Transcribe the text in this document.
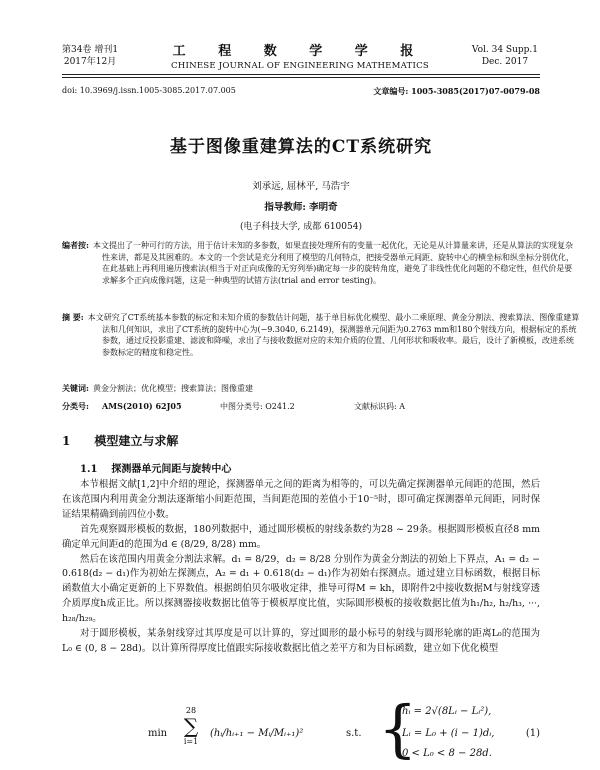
第34卷 增刊1
2017年12月
工 程 数 学 学 报
CHINESE JOURNAL OF ENGINEERING MATHEMATICS
Vol. 34 Supp.1
Dec. 2017
doi: 10.3969/j.issn.1005-3085.2017.07.005	文章编号: 1005-3085(2017)07-0079-08
基于图像重建算法的CT系统研究
刘承远, 屈林平, 马浩宇
指导教师: 李明奇
(电子科技大学, 成都 610054)
编者按: 本文提出了一种可行的方法，用于估计未知的多参数，如果直接处理所有的变量一起优化，无论是从计算量来讲，还是从算法的实现复杂性来讲，都是及其困难的。本文的一个尝试是充分利用了模型的几何特点，把接受器单元间距、旋转中心的横坐标和纵坐标分别优化，在此基础上再利用遍历搜索法(相当于对正向成像的无穷列举)确定每一步的旋转角度，避免了非线性优化问题的不稳定性，但代价是要求解多个正向成像问题，这是一种典型的试错方法(trial and error testing)。
摘 要: 本文研究了CT系统基本参数的标定和未知介质的参数估计问题，基于单目标优化模型、最小二乘原理、黄金分割法、搜索算法、图像重建算法和几何知识，求出了CT系统的旋转中心为(−9.3040, 6.2149)，探测器单元间距为0.2763 mm和180个射线方向，根据标定的系统参数，通过反投影重建、滤波和降噪，求出了与接收数据对应的未知介质的位置、几何形状和吸收率。最后，设计了新模板，改进系统参数标定的精度和稳定性。
关键词: 黄金分割法；优化模型；搜索算法；图像重建
分类号:	AMS(2010) 62J05	中图分类号: O241.2	文献标识码: A
1 模型建立与求解
1.1 探测器单元间距与旋转中心

本节根据文献[1,2]中介绍的理论，探测器单元之间的距离为相等的，可以先确定探测器单元间距的范围，然后在该范围内利用黄金分割法逐渐缩小间距范围，当间距范围的差值小于10⁻⁵时，即可确定探测器单元间距，同时保证结果精确到前四位小数。

首先观察圆形模板的数据，180列数据中，通过圆形模板的射线条数约为28 ~ 29条。根据圆形模板直径8 mm确定单元间距d的范围为d ∈ (8/29, 8/28) mm。

然后在该范围内用黄金分割法求解。d₁ = 8/29，d₂ = 8/28 分别作为黄金分割法的初始上下界点，A₁ = d₂ − 0.618(d₂ − d₁)作为初始左探测点，A₂ = d₁ + 0.618(d₂ − d₁)作为初始右探测点。通过建立目标函数，根据目标函数值大小确定更新的上下界数值。根据朗伯贝尔吸收定律，推导可得M = kh，即附件2中接收数据M与射线穿透介质厚度h成正比。所以探测器接收数据比值等于模板厚度比值，实际圆形模板的接收数据比值为h₁/h₂, h₂/h₃, ···, h₂₈/h₂₉。

对于圆形模板，某条射线穿过其厚度是可以计算的，穿过圆形的最小标号的射线与圆形轮廓的距离L₀的范围为L₀ ∈ (0, 8 − 28d)。以计算所得厚度比值跟实际接收数据比值之差平方和为目标函数，建立如下优化模型

min
28
∑
i=1
(hᵢ/hᵢ₊₁ − Mᵢ/Mᵢ₊₁)²	s.t. {
hᵢ = 2√(8Lᵢ − Lᵢ²),
Lᵢ = L₀ + (i − 1)dᵢ,
0 < L₀ < 8 − 28d.
(1)
